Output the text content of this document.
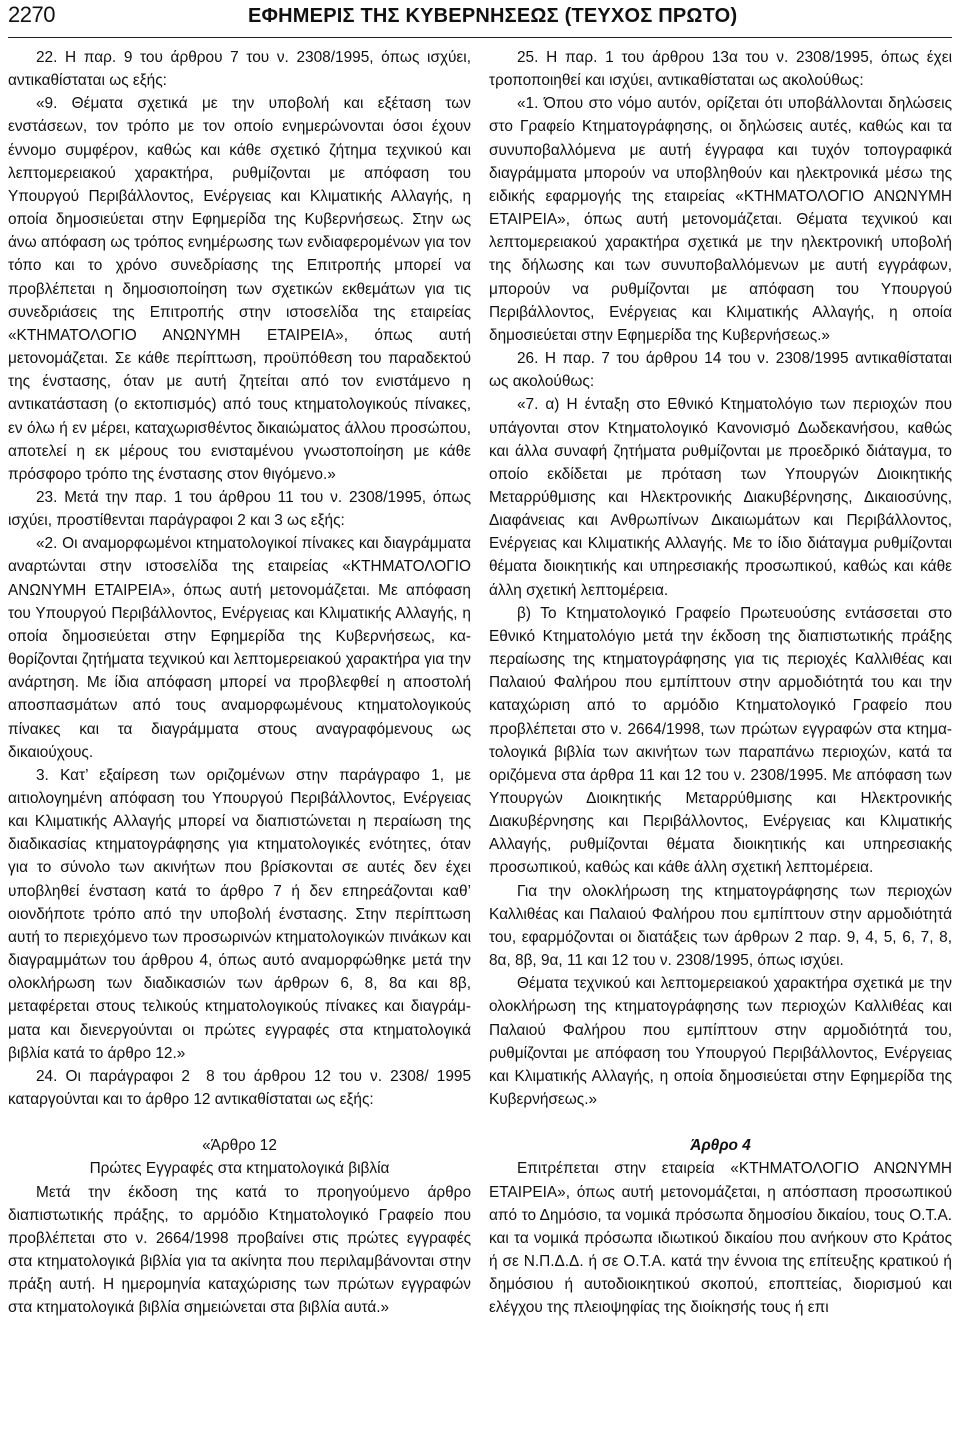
2270	ΕΦΗΜΕΡΙΣ ΤΗΣ ΚΥΒΕΡΝΗΣΕΩΣ (ΤΕΥΧΟΣ ΠΡΩΤΟ)

22. Η παρ. 9 του άρθρου 7 του ν. 2308/1995, όπως ισχύει, αντικαθίσταται ως εξής:

«9. Θέματα σχετικά με την υποβολή και εξέταση των ενστάσεων, τον τρόπο με τον οποίο ενημερώνονται όσοι έχουν έννομο συμφέρον, καθώς και κάθε σχετικό ζήτημα τεχνικού και λεπτομερειακού χαρακτήρα, ρυθμίζονται με απόφαση του Υπουργού Περιβάλλοντος, Ενέργειας και Κλιματικής Αλλαγής, η οποία δημοσιεύεται στην Εφημερίδα της Κυβερνήσεως. Στην ως άνω απόφαση ως τρόπος ενημέρωσης των ενδιαφερομένων για τον τόπο και το χρόνο συνεδρίασης της Επιτροπής μπορεί να προβλέπεται η δημοσιοποίηση των σχετικών εκθεμάτων για τις συνεδριάσεις της Επιτροπής στην ιστοσελίδα της εταιρείας «ΚΤΗΜΑΤΟΛΟΓΙΟ ΑΝΩΝΥΜΗ ΕΤΑΙΡΕΙΑ», όπως αυτή μετονομάζεται. Σε κάθε περίπτωση, προϋπόθεση του παραδεκτού της ένστασης, όταν με αυτή ζητείται από τον ενιστάμενο η αντικατάσταση (ο εκτοπισμός) από τους κτηματολογικούς πίνακες, εν όλω ή εν μέρει, καταχωρισθέντος δικαιώματος άλλου προσώπου, αποτελεί η εκ μέρους του ενισταμένου γνωστοποίηση με κάθε πρόσφορο τρόπο της ένστασης στον θιγόμενο.»

23. Μετά την παρ. 1 του άρθρου 11 του ν. 2308/1995, όπως ισχύει, προστίθενται παράγραφοι 2 και 3 ως εξής:

«2. Οι αναμορφωμένοι κτηματολογικοί πίνακες και διαγράμματα αναρτώνται στην ιστοσελίδα της εταιρείας «ΚΤΗΜΑΤΟΛΟΓΙΟ ΑΝΩΝΥΜΗ ΕΤΑΙΡΕΙΑ», όπως αυτή μετονομάζεται. Με απόφαση του Υπουργού Περιβάλλοντος, Ενέργειας και Κλιματικής Αλλαγής, η οποία δημοσιεύεται στην Εφημερίδα της Κυβερνήσεως, καθορίζονται ζητήματα τεχνικού και λεπτομερειακού χαρακτήρα για την ανάρτηση. Με ίδια απόφαση μπορεί να προβλεφθεί η αποστολή αποσπασμάτων από τους αναμορφωμένους κτηματολογικούς πίνακες και τα διαγράμματα στους αναγραφόμενους ως δικαιούχους.

3. Κατ’ εξαίρεση των οριζομένων στην παράγραφο 1, με αιτιολογημένη απόφαση του Υπουργού Περιβάλλοντος, Ενέργειας και Κλιματικής Αλλαγής μπορεί να διαπιστώνεται η περαίωση της διαδικασίας κτηματογράφησης για κτηματολογικές ενότητες, όταν για το σύνολο των ακινήτων που βρίσκονται σε αυτές δεν έχει υποβληθεί ένσταση κατά το άρθρο 7 ή δεν επηρεάζονται καθ’ οιονδήποτε τρόπο από την υποβολή ένστασης. Στην περίπτωση αυτή το περιεχόμενο των προσωρινών κτηματολογικών πινάκων και διαγραμμάτων του άρθρου 4, όπως αυτό αναμορφώθηκε μετά την ολοκλήρωση των διαδικασιών των άρθρων 6, 8, 8α και 8β, μεταφέρεται στους τελικούς κτηματολογικούς πίνακες και διαγράμματα και διενεργούνται οι πρώτες εγγραφές στα κτηματολογικά βιβλία κατά το άρθρο 12.»

24. Οι παράγραφοι 2 8 του άρθρου 12 του ν. 2308/ 1995 καταργούνται και το άρθρο 12 αντικαθίσταται ως εξής:

«Άρθρο 12

Πρώτες Εγγραφές στα κτηματολογικά βιβλία

Μετά την έκδοση της κατά το προηγούμενο άρθρο διαπιστωτικής πράξης, το αρμόδιο Κτηματολογικό Γραφείο που προβλέπεται στο ν. 2664/1998 προβαίνει στις πρώτες εγγραφές στα κτηματολογικά βιβλία για τα ακίνητα που περιλαμβάνονται στην πράξη αυτή. Η ημερομηνία καταχώρισης των πρώτων εγγραφών στα κτηματολογικά βιβλία σημειώνεται στα βιβλία αυτά.»

25. Η παρ. 1 του άρθρου 13α του ν. 2308/1995, όπως έχει τροποποιηθεί και ισχύει, αντικαθίσταται ως ακολούθως:

«1. Όπου στο νόμο αυτόν, ορίζεται ότι υποβάλλονται δηλώσεις στο Γραφείο Κτηματογράφησης, οι δηλώσεις αυτές, καθώς και τα συνυποβαλλόμενα με αυτή έγγραφα και τυχόν τοπογραφικά διαγράμματα μπορούν να υποβληθούν και ηλεκτρονικά μέσω της ειδικής εφαρμογής της εταιρείας «ΚΤΗΜΑΤΟΛΟΓΙΟ ΑΝΩΝΥΜΗ ΕΤΑΙΡΕΙΑ», όπως αυτή μετονομάζεται. Θέματα τεχνικού και λεπτομερειακού χαρακτήρα σχετικά με την ηλεκτρονική υποβολή της δήλωσης και των συνυποβαλλόμενων με αυτή εγγράφων, μπορούν να ρυθμίζονται με απόφαση του Υπουργού Περιβάλλοντος, Ενέργειας και Κλιματικής Αλλαγής, η οποία δημοσιεύεται στην Εφημερίδα της Κυβερνήσεως.»

26. Η παρ. 7 του άρθρου 14 του ν. 2308/1995 αντικαθίσταται ως ακολούθως:

«7. α) Η ένταξη στο Εθνικό Κτηματολόγιο των περιοχών που υπάγονται στον Κτηματολογικό Κανονισμό Δωδεκανήσου, καθώς και άλλα συναφή ζητήματα ρυθμίζονται με προεδρικό διάταγμα, το οποίο εκδίδεται με πρόταση των Υπουργών Διοικητικής Μεταρρύθμισης και Ηλεκτρονικής Διακυβέρνησης, Δικαιοσύνης, Διαφάνειας και Ανθρωπίνων Δικαιωμάτων και Περιβάλλοντος, Ενέργειας και Κλιματικής Αλλαγής. Με το ίδιο διάταγμα ρυθμίζονται θέματα διοικητικής και υπηρεσιακής προσωπικού, καθώς και κάθε άλλη σχετική λεπτομέρεια.

β) Το Κτηματολογικό Γραφείο Πρωτευούσης εντάσσεται στο Εθνικό Κτηματολόγιο μετά την έκδοση της διαπιστωτικής πράξης περαίωσης της κτηματογράφησης για τις περιοχές Καλλιθέας και Παλαιού Φαλήρου που εμπίπτουν στην αρμοδιότητά του και την καταχώριση από το αρμόδιο Κτηματολογικό Γραφείο που προβλέπεται στο ν. 2664/1998, των πρώτων εγγραφών στα κτηματολογικά βιβλία των ακινήτων των παραπάνω περιοχών, κατά τα οριζόμενα στα άρθρα 11 και 12 του ν. 2308/1995. Με απόφαση των Υπουργών Διοικητικής Μεταρρύθμισης και Ηλεκτρονικής Διακυβέρνησης και Περιβάλλοντος, Ενέργειας και Κλιματικής Αλλαγής, ρυθμίζονται θέματα διοικητικής και υπηρεσιακής προσωπικού, καθώς και κάθε άλλη σχετική λεπτομέρεια.

Για την ολοκλήρωση της κτηματογράφησης των περιοχών Καλλιθέας και Παλαιού Φαλήρου που εμπίπτουν στην αρμοδιότητά του, εφαρμόζονται οι διατάξεις των άρθρων 2 παρ. 9, 4, 5, 6, 7, 8, 8α, 8β, 9α, 11 και 12 του ν. 2308/1995, όπως ισχύει.

Θέματα τεχνικού και λεπτομερειακού χαρακτήρα σχετικά με την ολοκλήρωση της κτηματογράφησης των περιοχών Καλλιθέας και Παλαιού Φαλήρου που εμπίπτουν στην αρμοδιότητά του, ρυθμίζονται με απόφαση του Υπουργού Περιβάλλοντος, Ενέργειας και Κλιματικής Αλλαγής, η οποία δημοσιεύεται στην Εφημερίδα της Κυβερνήσεως.»

Άρθρο 4

Επιτρέπεται στην εταιρεία «ΚΤΗΜΑΤΟΛΟΓΙΟ ΑΝΩΝΥΜΗ ΕΤΑΙΡΕΙΑ», όπως αυτή μετονομάζεται, η απόσπαση προσωπικού από το Δημόσιο, τα νομικά πρόσωπα δημοσίου δικαίου, τους Ο.Τ.Α. και τα νομικά πρόσωπα ιδιωτικού δικαίου που ανήκουν στο Κράτος ή σε Ν.Π.Δ.Δ. ή σε Ο.Τ.Α. κατά την έννοια της επίτευξης κρατικού ή δημόσιου ή αυτοδιοικητικού σκοπού, εποπτείας, διορισμού και ελέγχου της πλειοψηφίας της διοίκησής τους ή επι
